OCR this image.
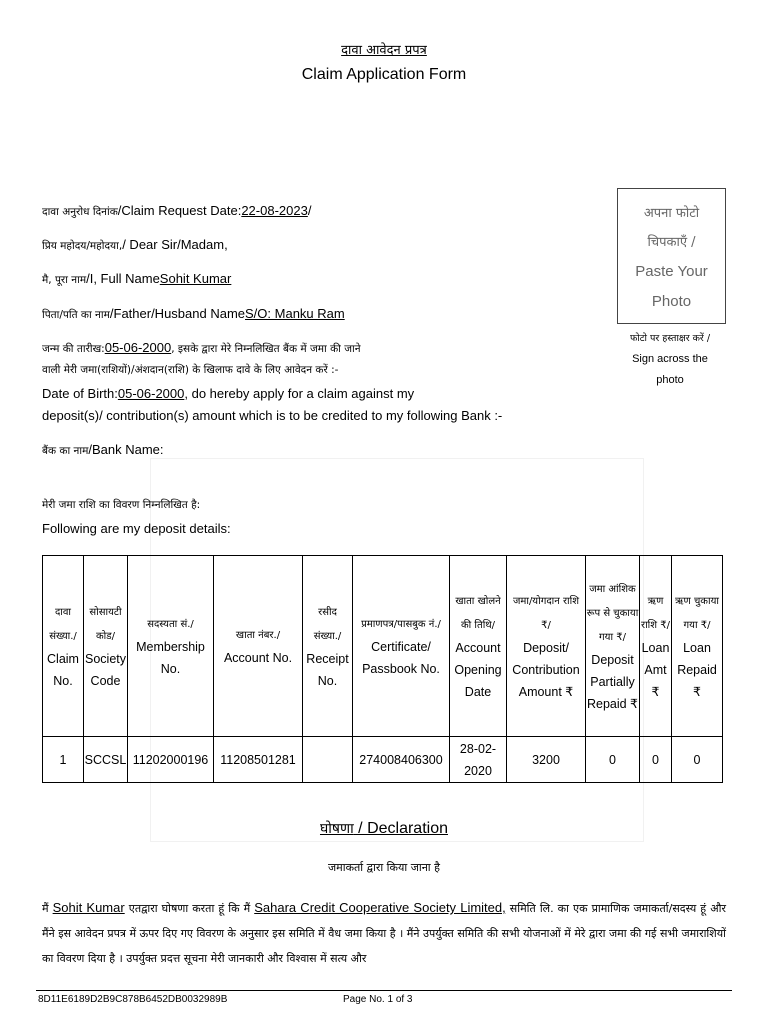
दावा आवेदन प्रपत्र
Claim Application Form
अपना फोटो
चिपकाएँ /
Paste Your
Photo
फोटो पर हस्ताक्षर करें /
Sign across the
photo
दावा अनुरोध दिनांक/Claim Request Date:22-08-2023/
प्रिय महोदय/महोदया,/ Dear Sir/Madam,
मै, पूरा नाम/I, Full NameSohit Kumar
पिता/पति का नाम/Father/Husband NameS/O: Manku Ram
जन्म की तारीख:05-06-2000, इसके द्वारा मेरे निम्नलिखित बैंक में जमा की जाने
वाली मेरी जमा(राशियों)/अंशदान(राशि) के खिलाफ दावे के लिए आवेदन करें :-
Date of Birth:05-06-2000, do hereby apply for a claim against my
deposit(s)/ contribution(s) amount which is to be credited to my following Bank :-
बैंक का नाम/Bank Name:
मेरी जमा राशि का विवरण निम्नलिखित है:
Following are my deposit details:
दावा संख्या./
Claim No.	सोसायटी कोड/
Society Code	सदस्यता सं./
Membership No.	खाता नंबर./
Account No.	रसीद संख्या./
Receipt No.	प्रमाणपत्र/पासबुक नं./
Certificate/ Passbook No.	खाता खोलने की तिथि/
Account Opening Date	जमा/योगदान राशि ₹/
Deposit/ Contribution Amount ₹	जमा आंशिक रूप से चुकाया गया ₹/
Deposit Partially Repaid ₹	ऋण राशि ₹/
Loan Amt ₹	ऋण चुकाया गया ₹/
Loan Repaid ₹
1	SCCSL	11202000196	11208501281		274008406300	28-02-2020	3200	0	0	0
घोषणा / Declaration
जमाकर्ता द्वारा किया जाना है
मैं Sohit Kumar एतद्वारा घोषणा करता हूं कि मैं Sahara Credit Cooperative Society Limited, समिति लि. का एक प्रामाणिक जमाकर्ता/सदस्य हूं और मैंने इस आवेदन प्रपत्र में ऊपर दिए गए विवरण के अनुसार इस समिति में वैध जमा किया है । मैंने उपर्युक्त समिति की सभी योजनाओं में मेरे द्वारा जमा की गई सभी जमाराशियों का विवरण दिया है । उपर्युक्त प्रदत्त सूचना मेरी जानकारी और विश्वास में सत्य और
8D11E6189D2B9C878B6452DB0032989B	Page No. 1 of 3
